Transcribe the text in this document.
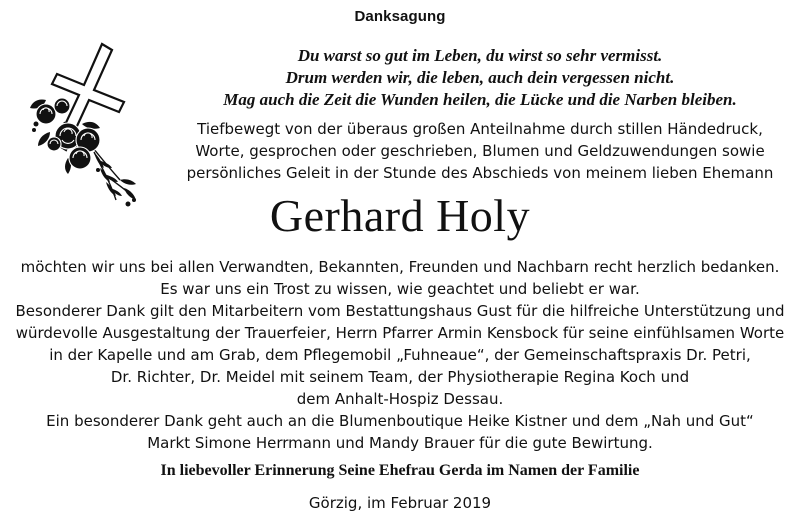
Danksagung
Du warst so gut im Leben, du wirst so sehr vermisst.
Drum werden wir, die leben, auch dein vergessen nicht.
Mag auch die Zeit die Wunden heilen, die Lücke und die Narben bleiben.
Tiefbewegt von der überaus großen Anteilnahme durch stillen Händedruck,
Worte, gesprochen oder geschrieben, Blumen und Geldzuwendungen sowie
persönliches Geleit in der Stunde des Abschieds von meinem lieben Ehemann
Gerhard Holy
möchten wir uns bei allen Verwandten, Bekannten, Freunden und Nachbarn recht herzlich bedanken.
Es war uns ein Trost zu wissen, wie geachtet und beliebt er war.
Besonderer Dank gilt den Mitarbeitern vom Bestattungshaus Gust für die hilfreiche Unterstützung und
würdevolle Ausgestaltung der Trauerfeier, Herrn Pfarrer Armin Kensbock für seine einfühlsamen Worte
in der Kapelle und am Grab, dem Pflegemobil „Fuhneaue“, der Gemeinschaftspraxis Dr. Petri,
Dr. Richter, Dr. Meidel mit seinem Team, der Physiotherapie Regina Koch und
dem Anhalt-Hospiz Dessau.
Ein besonderer Dank geht auch an die Blumenboutique Heike Kistner und dem „Nah und Gut“
Markt Simone Herrmann und Mandy Brauer für die gute Bewirtung.
In liebevoller Erinnerung Seine Ehefrau Gerda im Namen der Familie
Görzig, im Februar 2019
